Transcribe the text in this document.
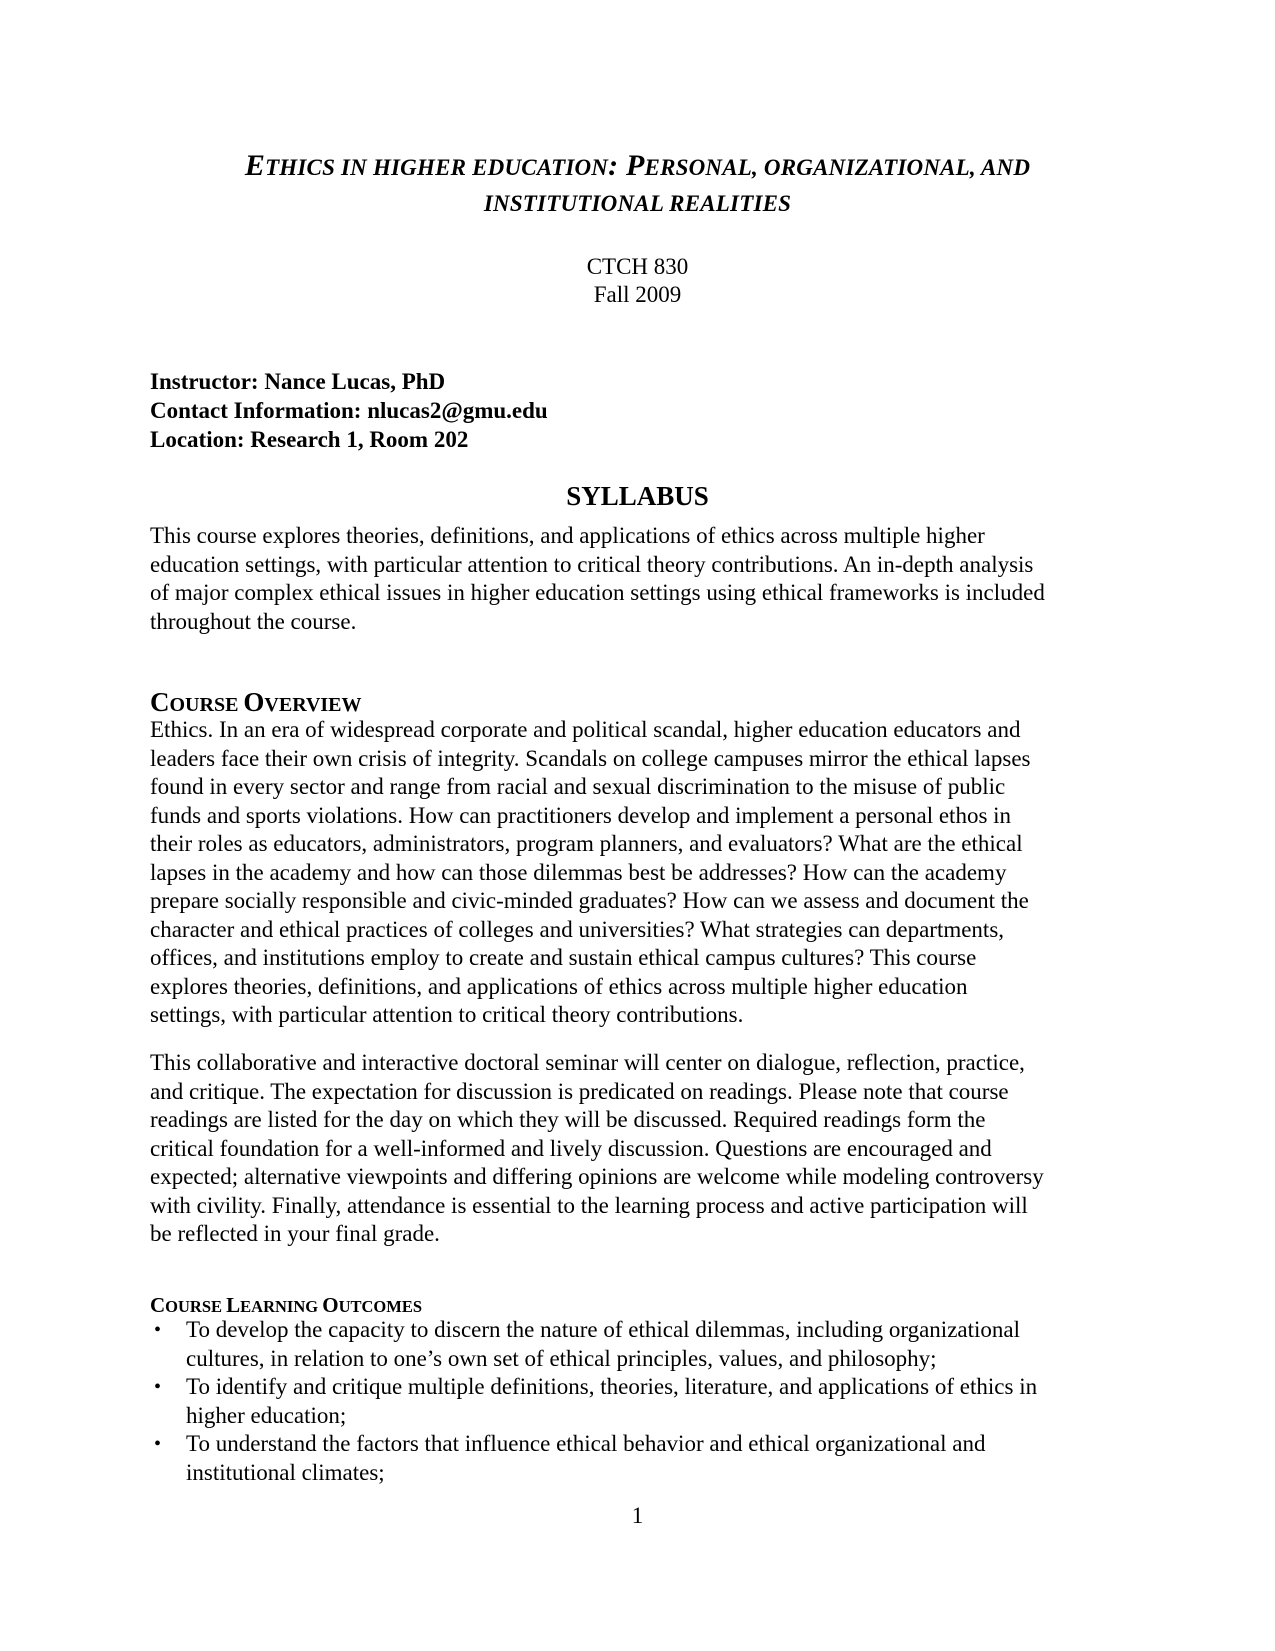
ETHICS IN HIGHER EDUCATION: PERSONAL, ORGANIZATIONAL, AND
INSTITUTIONAL REALITIES
CTCH 830
Fall 2009
Instructor: Nance Lucas, PhD
Contact Information: nlucas2@gmu.edu
Location: Research 1, Room 202
SYLLABUS
This course explores theories, definitions, and applications of ethics across multiple higher
education settings, with particular attention to critical theory contributions. An in-depth analysis
of major complex ethical issues in higher education settings using ethical frameworks is included
throughout the course.
COURSE OVERVIEW
Ethics. In an era of widespread corporate and political scandal, higher education educators and
leaders face their own crisis of integrity. Scandals on college campuses mirror the ethical lapses
found in every sector and range from racial and sexual discrimination to the misuse of public
funds and sports violations. How can practitioners develop and implement a personal ethos in
their roles as educators, administrators, program planners, and evaluators? What are the ethical
lapses in the academy and how can those dilemmas best be addresses? How can the academy
prepare socially responsible and civic-minded graduates? How can we assess and document the
character and ethical practices of colleges and universities? What strategies can departments,
offices, and institutions employ to create and sustain ethical campus cultures? This course
explores theories, definitions, and applications of ethics across multiple higher education
settings, with particular attention to critical theory contributions.
This collaborative and interactive doctoral seminar will center on dialogue, reflection, practice,
and critique. The expectation for discussion is predicated on readings. Please note that course
readings are listed for the day on which they will be discussed. Required readings form the
critical foundation for a well-informed and lively discussion. Questions are encouraged and
expected; alternative viewpoints and differing opinions are welcome while modeling controversy
with civility. Finally, attendance is essential to the learning process and active participation will
be reflected in your final grade.
COURSE LEARNING OUTCOMES
• To develop the capacity to discern the nature of ethical dilemmas, including organizational
cultures, in relation to one’s own set of ethical principles, values, and philosophy;
• To identify and critique multiple definitions, theories, literature, and applications of ethics in
higher education;
• To understand the factors that influence ethical behavior and ethical organizational and
institutional climates;
1
